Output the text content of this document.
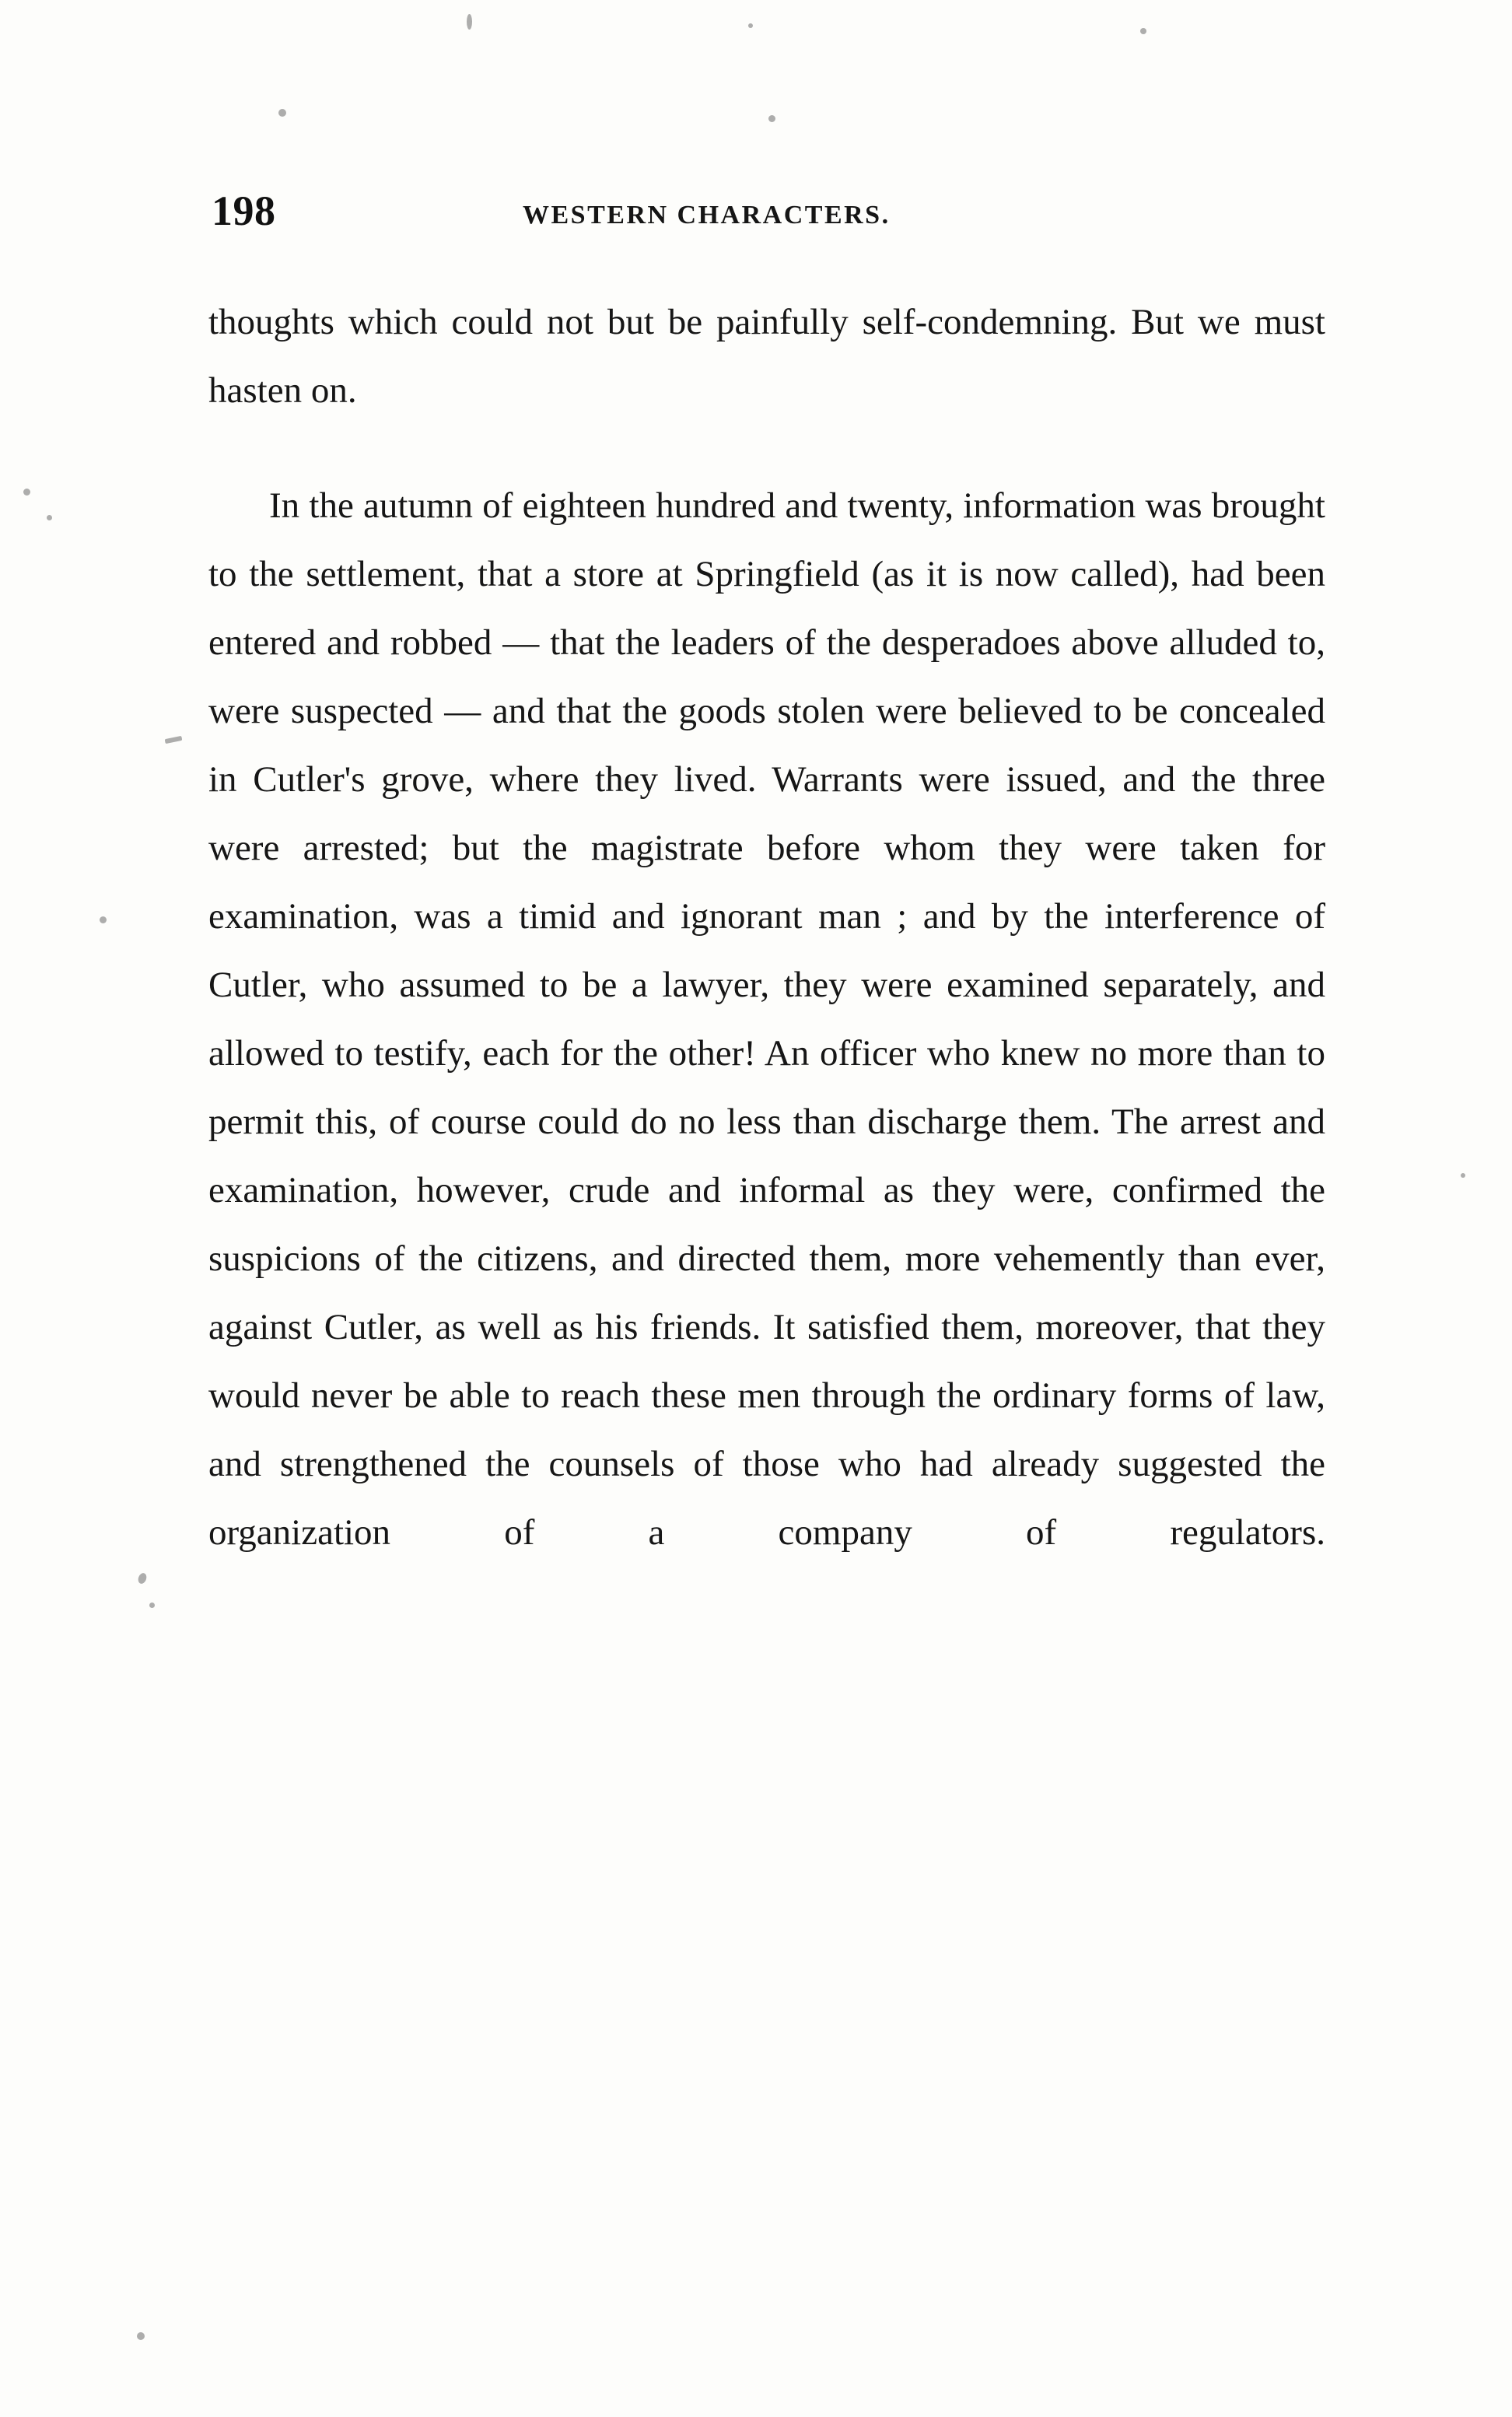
198	WESTERN CHARACTERS.

thoughts which could not but be painfully self-condemning. But we must hasten on.

In the autumn of eighteen hundred and twenty, information was brought to the settlement, that a store at Springfield (as it is now called), had been entered and robbed — that the leaders of the desperadoes above alluded to, were suspected — and that the goods stolen were believed to be concealed in Cutler's grove, where they lived. Warrants were issued, and the three were arrested; but the magistrate before whom they were taken for examination, was a timid and ignorant man ; and by the interference of Cutler, who assumed to be a lawyer, they were examined separately, and allowed to testify, each for the other! An officer who knew no more than to permit this, of course could do no less than discharge them. The arrest and examination, however, crude and informal as they were, confirmed the suspicions of the citizens, and directed them, more vehemently than ever, against Cutler, as well as his friends. It satisfied them, moreover, that they would never be able to reach these men through the ordinary forms of law, and strengthened the counsels of those who had already suggested the organization of a company of regulators.
